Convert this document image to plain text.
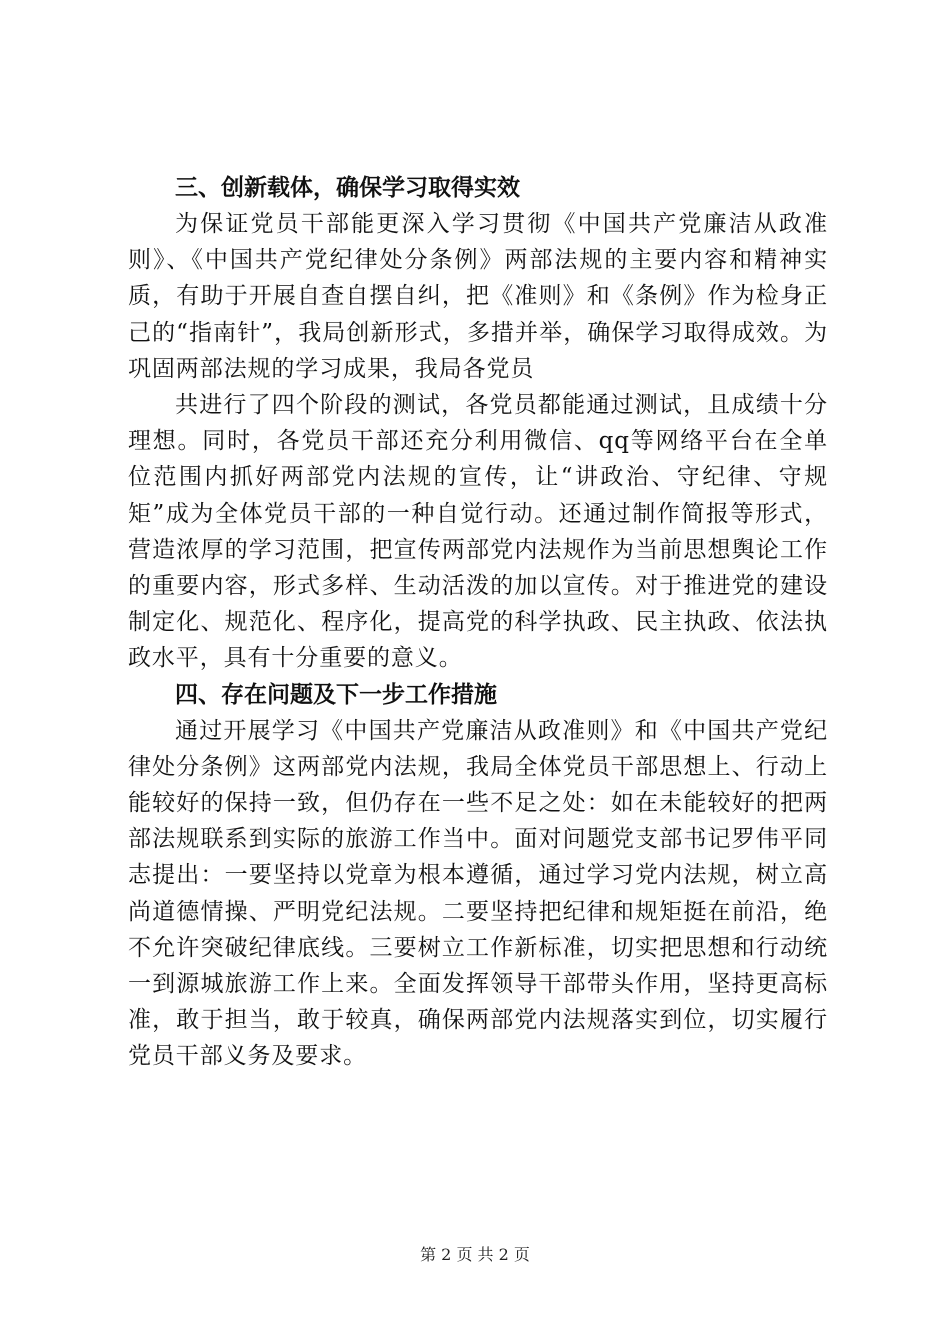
三、创新载体，确保学习取得实效

为保证党员干部能更深入学习贯彻《中国共产党廉洁从政准则》、《中国共产党纪律处分条例》两部法规的主要内容和精神实质，有助于开展自查自摆自纠，把《准则》和《条例》作为检身正己的“指南针”，我局创新形式，多措并举，确保学习取得成效。为巩固两部法规的学习成果，我局各党员

共进行了四个阶段的测试，各党员都能通过测试，且成绩十分理想。同时，各党员干部还充分利用微信、qq等网络平台在全单位范围内抓好两部党内法规的宣传，让“讲政治、守纪律、守规矩”成为全体党员干部的一种自觉行动。还通过制作简报等形式，营造浓厚的学习范围，把宣传两部党内法规作为当前思想舆论工作的重要内容，形式多样、生动活泼的加以宣传。对于推进党的建设制定化、规范化、程序化，提高党的科学执政、民主执政、依法执政水平，具有十分重要的意义。

四、存在问题及下一步工作措施

通过开展学习《中国共产党廉洁从政准则》和《中国共产党纪律处分条例》这两部党内法规，我局全体党员干部思想上、行动上能较好的保持一致，但仍存在一些不足之处：如在未能较好的把两部法规联系到实际的旅游工作当中。面对问题党支部书记罗伟平同志提出：一要坚持以党章为根本遵循，通过学习党内法规，树立高尚道德情操、严明党纪法规。二要坚持把纪律和规矩挺在前沿，绝不允许突破纪律底线。三要树立工作新标准，切实把思想和行动统一到源城旅游工作上来。全面发挥领导干部带头作用，坚持更高标准，敢于担当，敢于较真，确保两部党内法规落实到位，切实履行党员干部义务及要求。

第 2 页 共 2 页
